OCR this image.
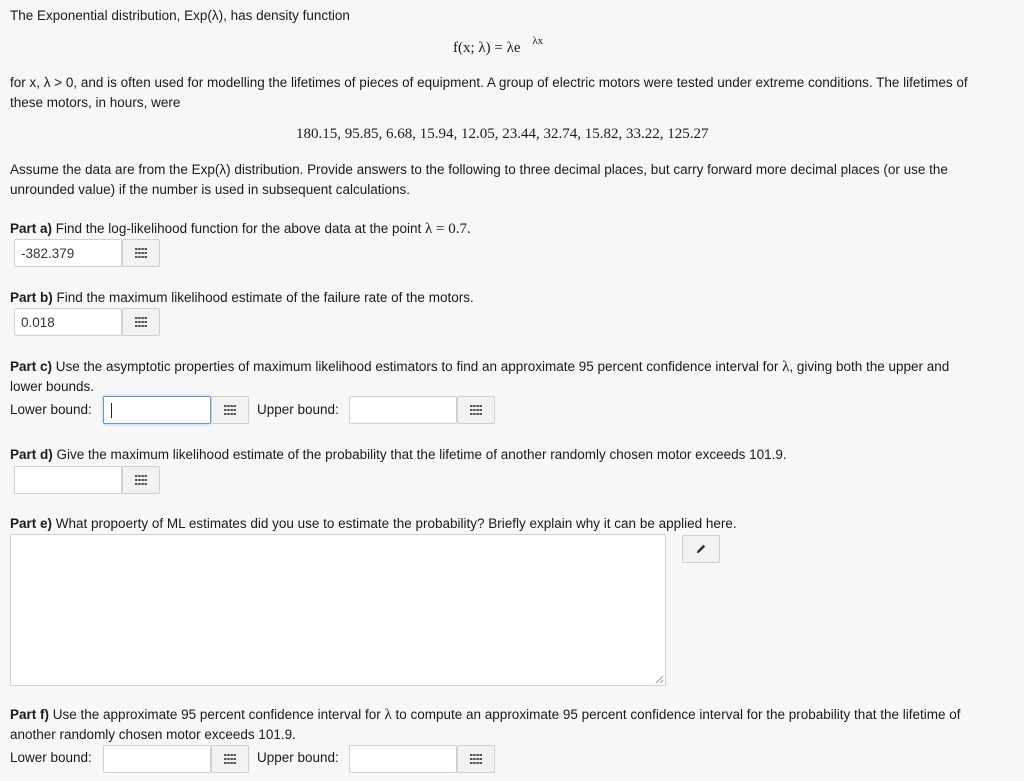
The Exponential distribution, Exp(λ), has density function
f(x; λ) = λe $^{\lambda x}$
for x, λ > 0, and is often used for modelling the lifetimes of pieces of equipment. A group of electric motors were tested under extreme conditions. The lifetimes of
these motors, in hours, were
180.15, 95.85, 6.68, 15.94, 12.05, 23.44, 32.74, 15.82, 33.22, 125.27
Assume the data are from the Exp(λ) distribution. Provide answers to the following to three decimal places, but carry forward more decimal places (or use the
unrounded value) if the number is used in subsequent calculations.
Part a) Find the log-likelihood function for the above data at the point λ = 0.7.
-382.379
Part b) Find the maximum likelihood estimate of the failure rate of the motors.
0.018
Part c) Use the asymptotic properties of maximum likelihood estimators to find an approximate 95 percent confidence interval for λ, giving both the upper and
lower bounds.
Lower bound:	Upper bound:
Part d) Give the maximum likelihood estimate of the probability that the lifetime of another randomly chosen motor exceeds 101.9.
Part e) What propoerty of ML estimates did you use to estimate the probability? Briefly explain why it can be applied here.
Part f) Use the approximate 95 percent confidence interval for λ to compute an approximate 95 percent confidence interval for the probability that the lifetime of
another randomly chosen motor exceeds 101.9.
Lower bound:	Upper bound:
